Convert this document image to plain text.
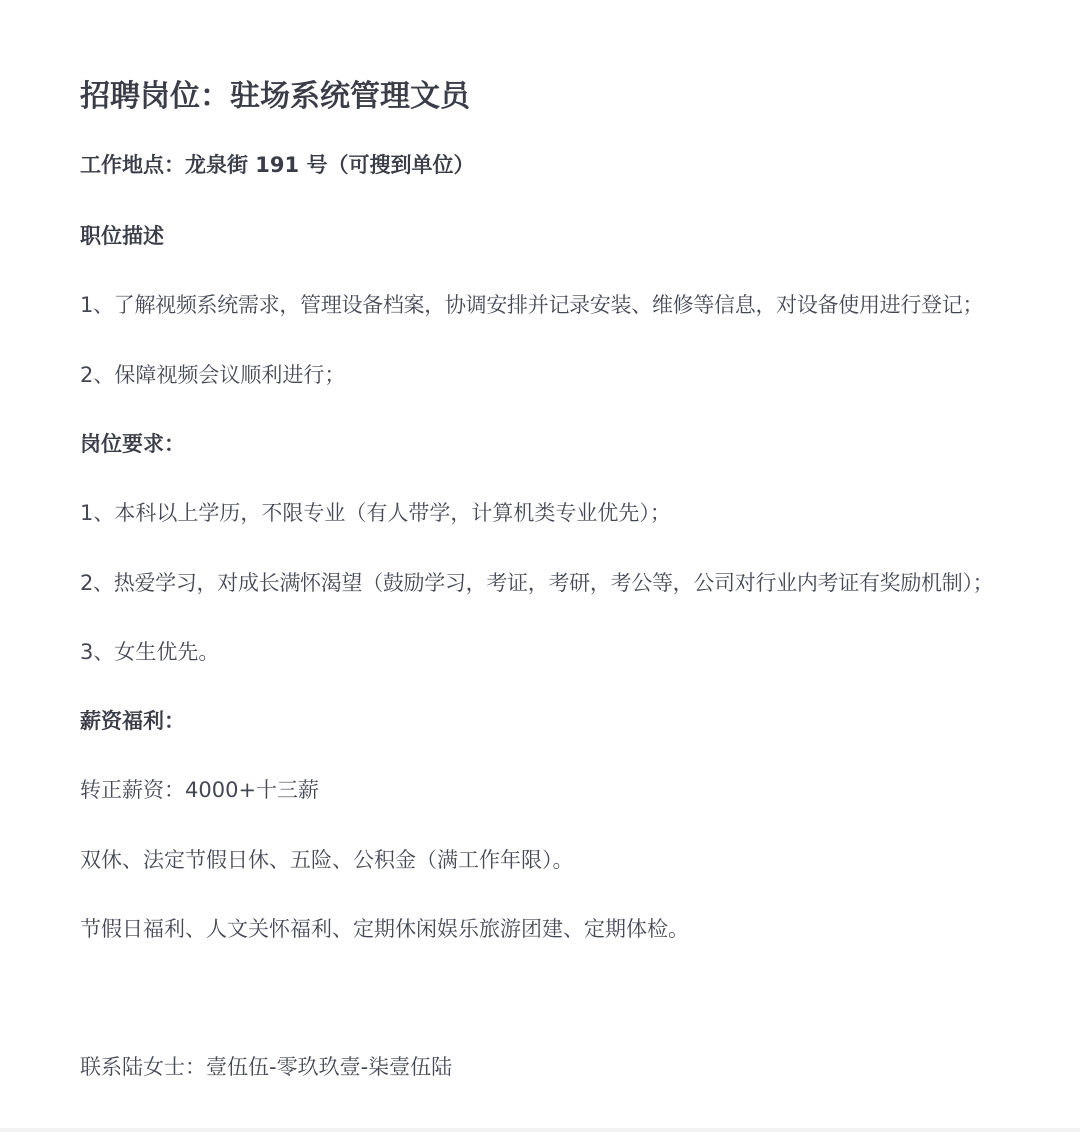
招聘岗位：驻场系统管理文员
工作地点：龙泉街 191 号（可搜到单位）
职位描述
1、了解视频系统需求，管理设备档案，协调安排并记录安装、维修等信息，对设备使用进行登记；
2、保障视频会议顺利进行；
岗位要求：
1、本科以上学历，不限专业（有人带学，计算机类专业优先）；
2、热爱学习，对成长满怀渴望（鼓励学习，考证，考研，考公等，公司对行业内考证有奖励机制）；
3、女生优先。
薪资福利：
转正薪资：4000+十三薪
双休、法定节假日休、五险、公积金（满工作年限）。
节假日福利、人文关怀福利、定期休闲娱乐旅游团建、定期体检。
联系陆女士：壹伍伍-零玖玖壹-柒壹伍陆
